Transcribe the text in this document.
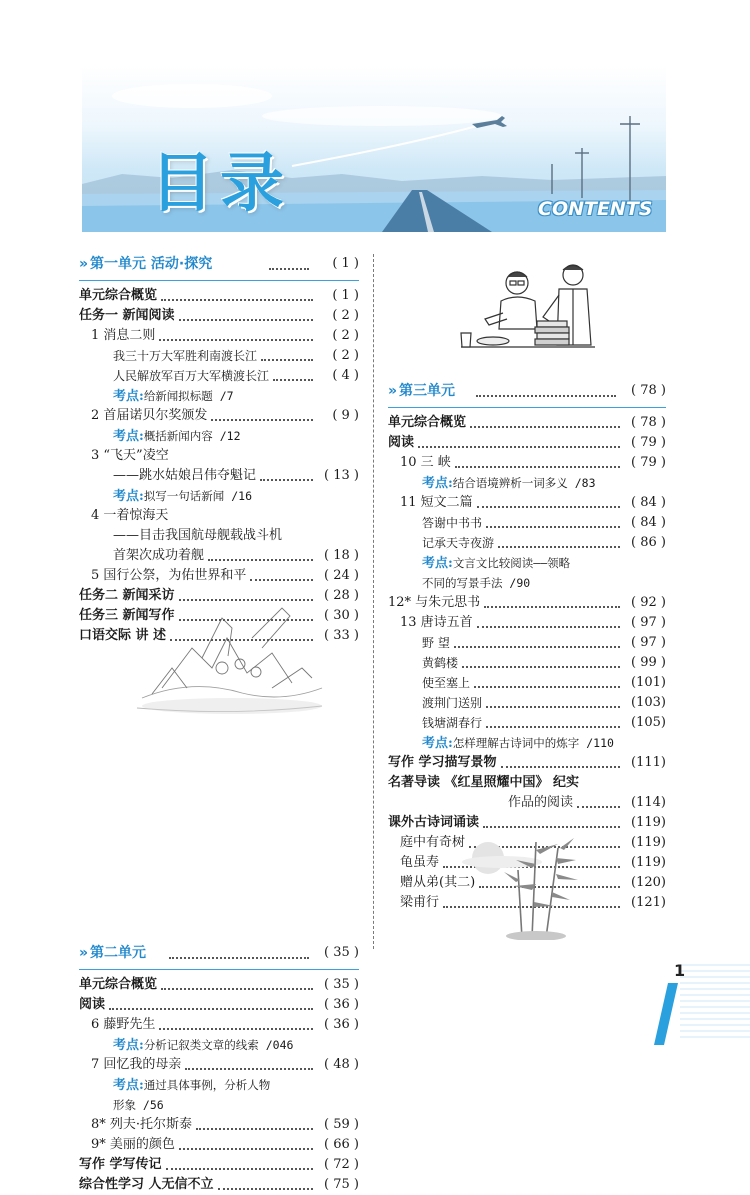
目录	CONTENTS
» 第一单元 活动·探究	( 1 )
单元综合概览	( 1 )
任务一 新闻阅读	( 2 )
1 消息二则	( 2 )
我三十万大军胜利南渡长江	( 2 )
人民解放军百万大军横渡长江	( 4 )
考点:给新闻拟标题 /7
2 首届诺贝尔奖颁发	( 9 )
考点:概括新闻内容 /12
3 “飞天”凌空
——跳水姑娘吕伟夺魁记	( 13 )
考点:拟写一句话新闻 /16
4 一着惊海天
——目击我国航母舰载战斗机
首架次成功着舰	( 18 )
5 国行公祭，为佑世界和平	( 24 )
任务二 新闻采访	( 28 )
任务三 新闻写作	( 30 )
口语交际 讲 述	( 33 )
» 第二单元	( 35 )
单元综合概览	( 35 )
阅读	( 36 )
6 藤野先生	( 36 )
考点:分析记叙类文章的线索 /046
7 回忆我的母亲	( 48 )
考点:通过具体事例，分析人物
形象 /56
8* 列夫·托尔斯泰	( 59 )
9* 美丽的颜色	( 66 )
写作 学写传记	( 72 )
综合性学习 人无信不立	( 75 )
» 第三单元	( 78 )
单元综合概览	( 78 )
阅读	( 79 )
10 三 峡	( 79 )
考点:结合语境辨析一词多义 /83
11 短文二篇	( 84 )
答谢中书书	( 84 )
记承天寺夜游	( 86 )
考点:文言文比较阅读——领略
不同的写景手法 /90
12* 与朱元思书	( 92 )
13 唐诗五首	( 97 )
野 望	( 97 )
黄鹤楼	( 99 )
使至塞上	(101)
渡荆门送别	(103)
钱塘湖春行	(105)
考点:怎样理解古诗词中的炼字 /110
写作 学习描写景物	(111)
名著导读 《红星照耀中国》 纪实
作品的阅读	(114)
课外古诗词诵读	(119)
庭中有奇树	(119)
龟虽寿	(119)
赠从弟(其二)	(120)
梁甫行	(121)
1
